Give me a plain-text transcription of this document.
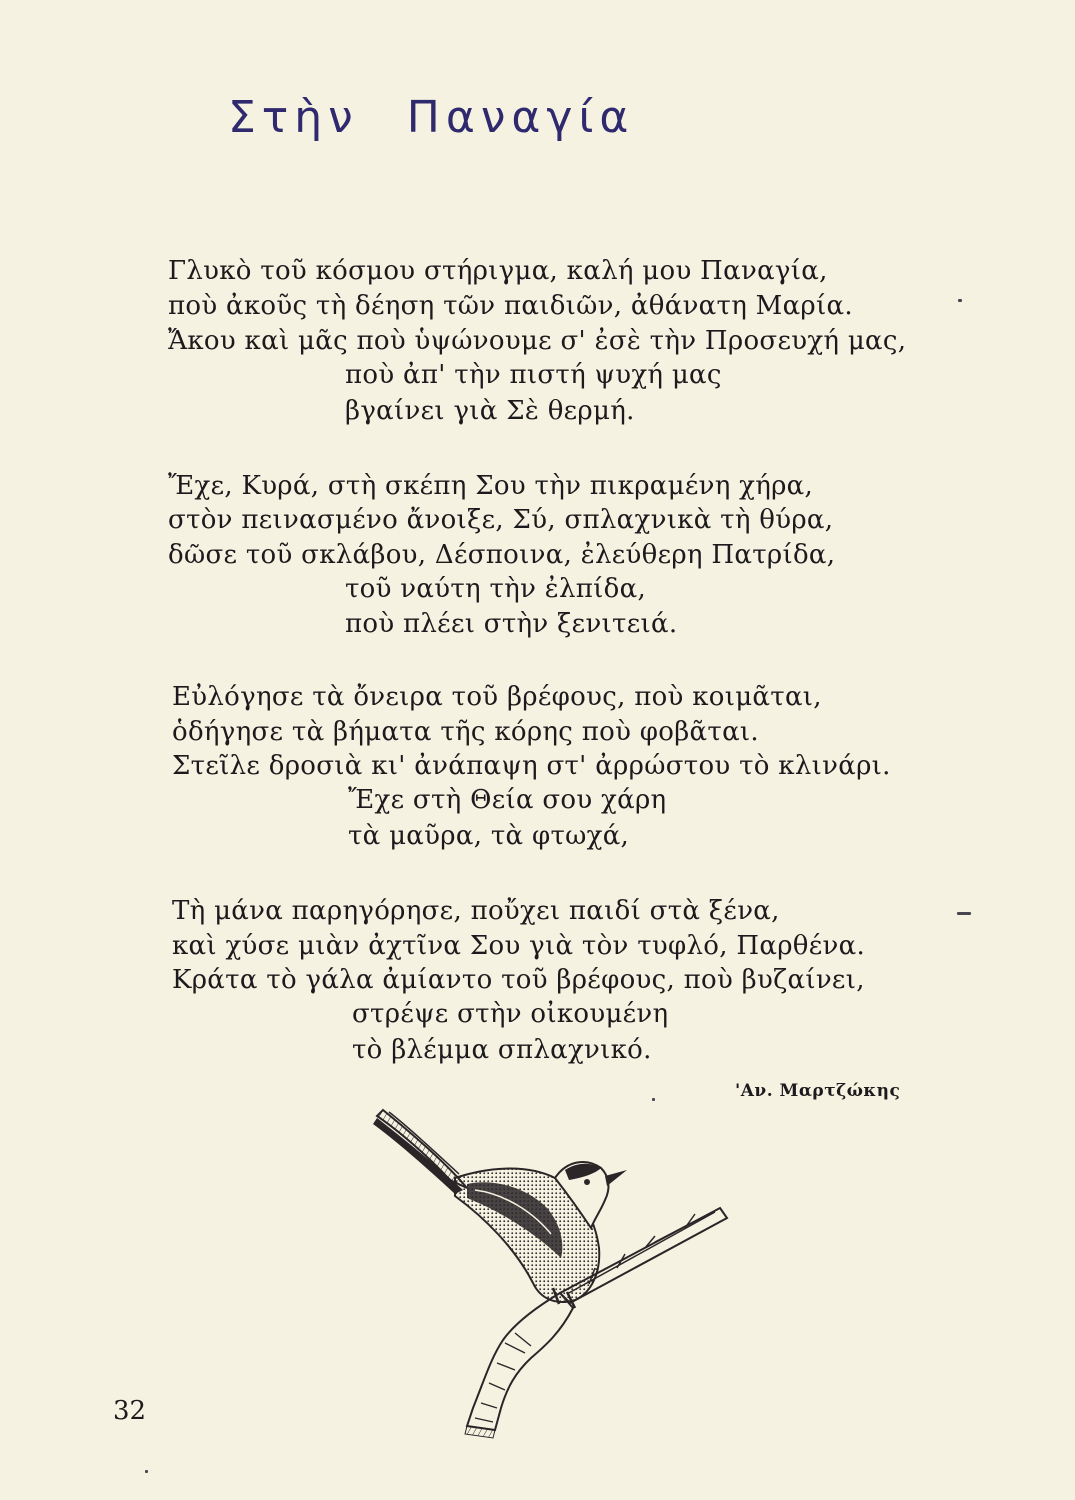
Στὴν Παναγία
Γλυκὸ τοῦ κόσμου στήριγμα, καλή μου Παναγία,
ποὺ ἀκοῦς τὴ δέηση τῶν παιδιῶν, ἀθάνατη Μαρία.
Ἄκου καὶ μᾶς ποὺ ὑψώνουμε σ' ἐσὲ τὴν Προσευχή μας,
ποὺ ἀπ' τὴν πιστή ψυχή μας
βγαίνει γιὰ Σὲ θερμή.
Ἔχε, Κυρά, στὴ σκέπη Σου τὴν πικραμένη χήρα,
στὸν πεινασμένο ἄνοιξε, Σύ, σπλαχνικὰ τὴ θύρα,
δῶσε τοῦ σκλάβου, Δέσποινα, ἐλεύθερη Πατρίδα,
τοῦ ναύτη τὴν ἐλπίδα,
ποὺ πλέει στὴν ξενιτειά.
Εὐλόγησε τὰ ὄνειρα τοῦ βρέφους, ποὺ κοιμᾶται,
ὁδήγησε τὰ βήματα τῆς κόρης ποὺ φοβᾶται.
Στεῖλε δροσιὰ κι' ἀνάπαψη στ' ἀρρώστου τὸ κλινάρι.
Ἔχε στὴ Θεία σου χάρη
τὰ μαῦρα, τὰ φτωχά,
Τὴ μάνα παρηγόρησε, ποὔχει παιδί στὰ ξένα,
καὶ χύσε μιὰν ἀχτῖνα Σου γιὰ τὸν τυφλό, Παρθένα.
Κράτα τὸ γάλα ἀμίαντο τοῦ βρέφους, ποὺ βυζαίνει,
στρέψε στὴν οἰκουμένη
τὸ βλέμμα σπλαχνικό.
'Αν. Μαρτζώκης
32
